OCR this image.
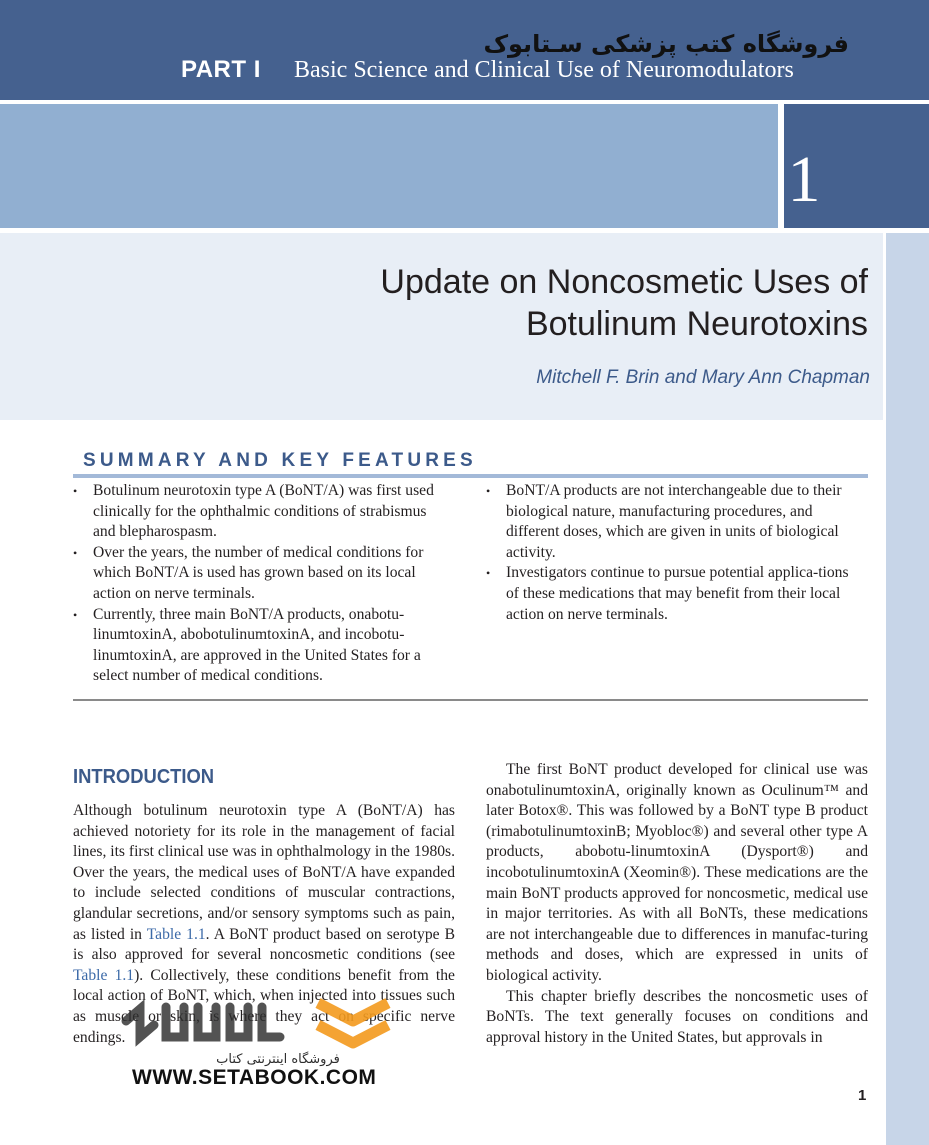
فروشگاه کتب پزشکی سـتابوک
PART I Basic Science and Clinical Use of Neuromodulators
1
Update on Noncosmetic Uses of
Botulinum Neurotoxins
Mitchell F. Brin and Mary Ann Chapman
SUMMARY AND KEY FEATURES
• Botulinum neurotoxin type A (BoNT/A) was first used clinically for the ophthalmic conditions of strabismus and blepharospasm.
• Over the years, the number of medical conditions for which BoNT/A is used has grown based on its local action on nerve terminals.
• Currently, three main BoNT/A products, onabotu-linumtoxinA, abobotulinumtoxinA, and incobotu-linumtoxinA, are approved in the United States for a select number of medical conditions.
• BoNT/A products are not interchangeable due to their biological nature, manufacturing procedures, and different doses, which are given in units of biological activity.
• Investigators continue to pursue potential applica-tions of these medications that may benefit from their local action on nerve terminals.
INTRODUCTION

Although botulinum neurotoxin type A (BoNT/A) has achieved notoriety for its role in the management of facial lines, its first clinical use was in ophthalmology in the 1980s. Over the years, the medical uses of BoNT/A have expanded to include selected conditions of muscular contractions, glandular secretions, and/or sensory symptoms such as pain, as listed in Table 1.1. A BoNT product based on serotype B is also approved for several noncosmetic conditions (see Table 1.1). Collectively, these conditions benefit from the local action of BoNT, which, when injected into tissues such as muscle or skin, is where they act on specific nerve endings.

The first BoNT product developed for clinical use was onabotulinumtoxinA, originally known as Oculinum™ and later Botox®. This was followed by a BoNT type B product (rimabotulinumtoxinB; Myobloc®) and several other type A products, abobotu-linumtoxinA (Dysport®) and incobotulinumtoxinA (Xeomin®). These medications are the main BoNT products approved for noncosmetic, medical use in major territories. As with all BoNTs, these medications are not interchangeable due to differences in manufac-turing methods and doses, which are expressed in units of biological activity.

This chapter briefly describes the noncosmetic uses of BoNTs. The text generally focuses on conditions and approval history in the United States, but approvals in

فروشگاه اینترنتی کتاب
WWW.SETABOOK.COM
1
